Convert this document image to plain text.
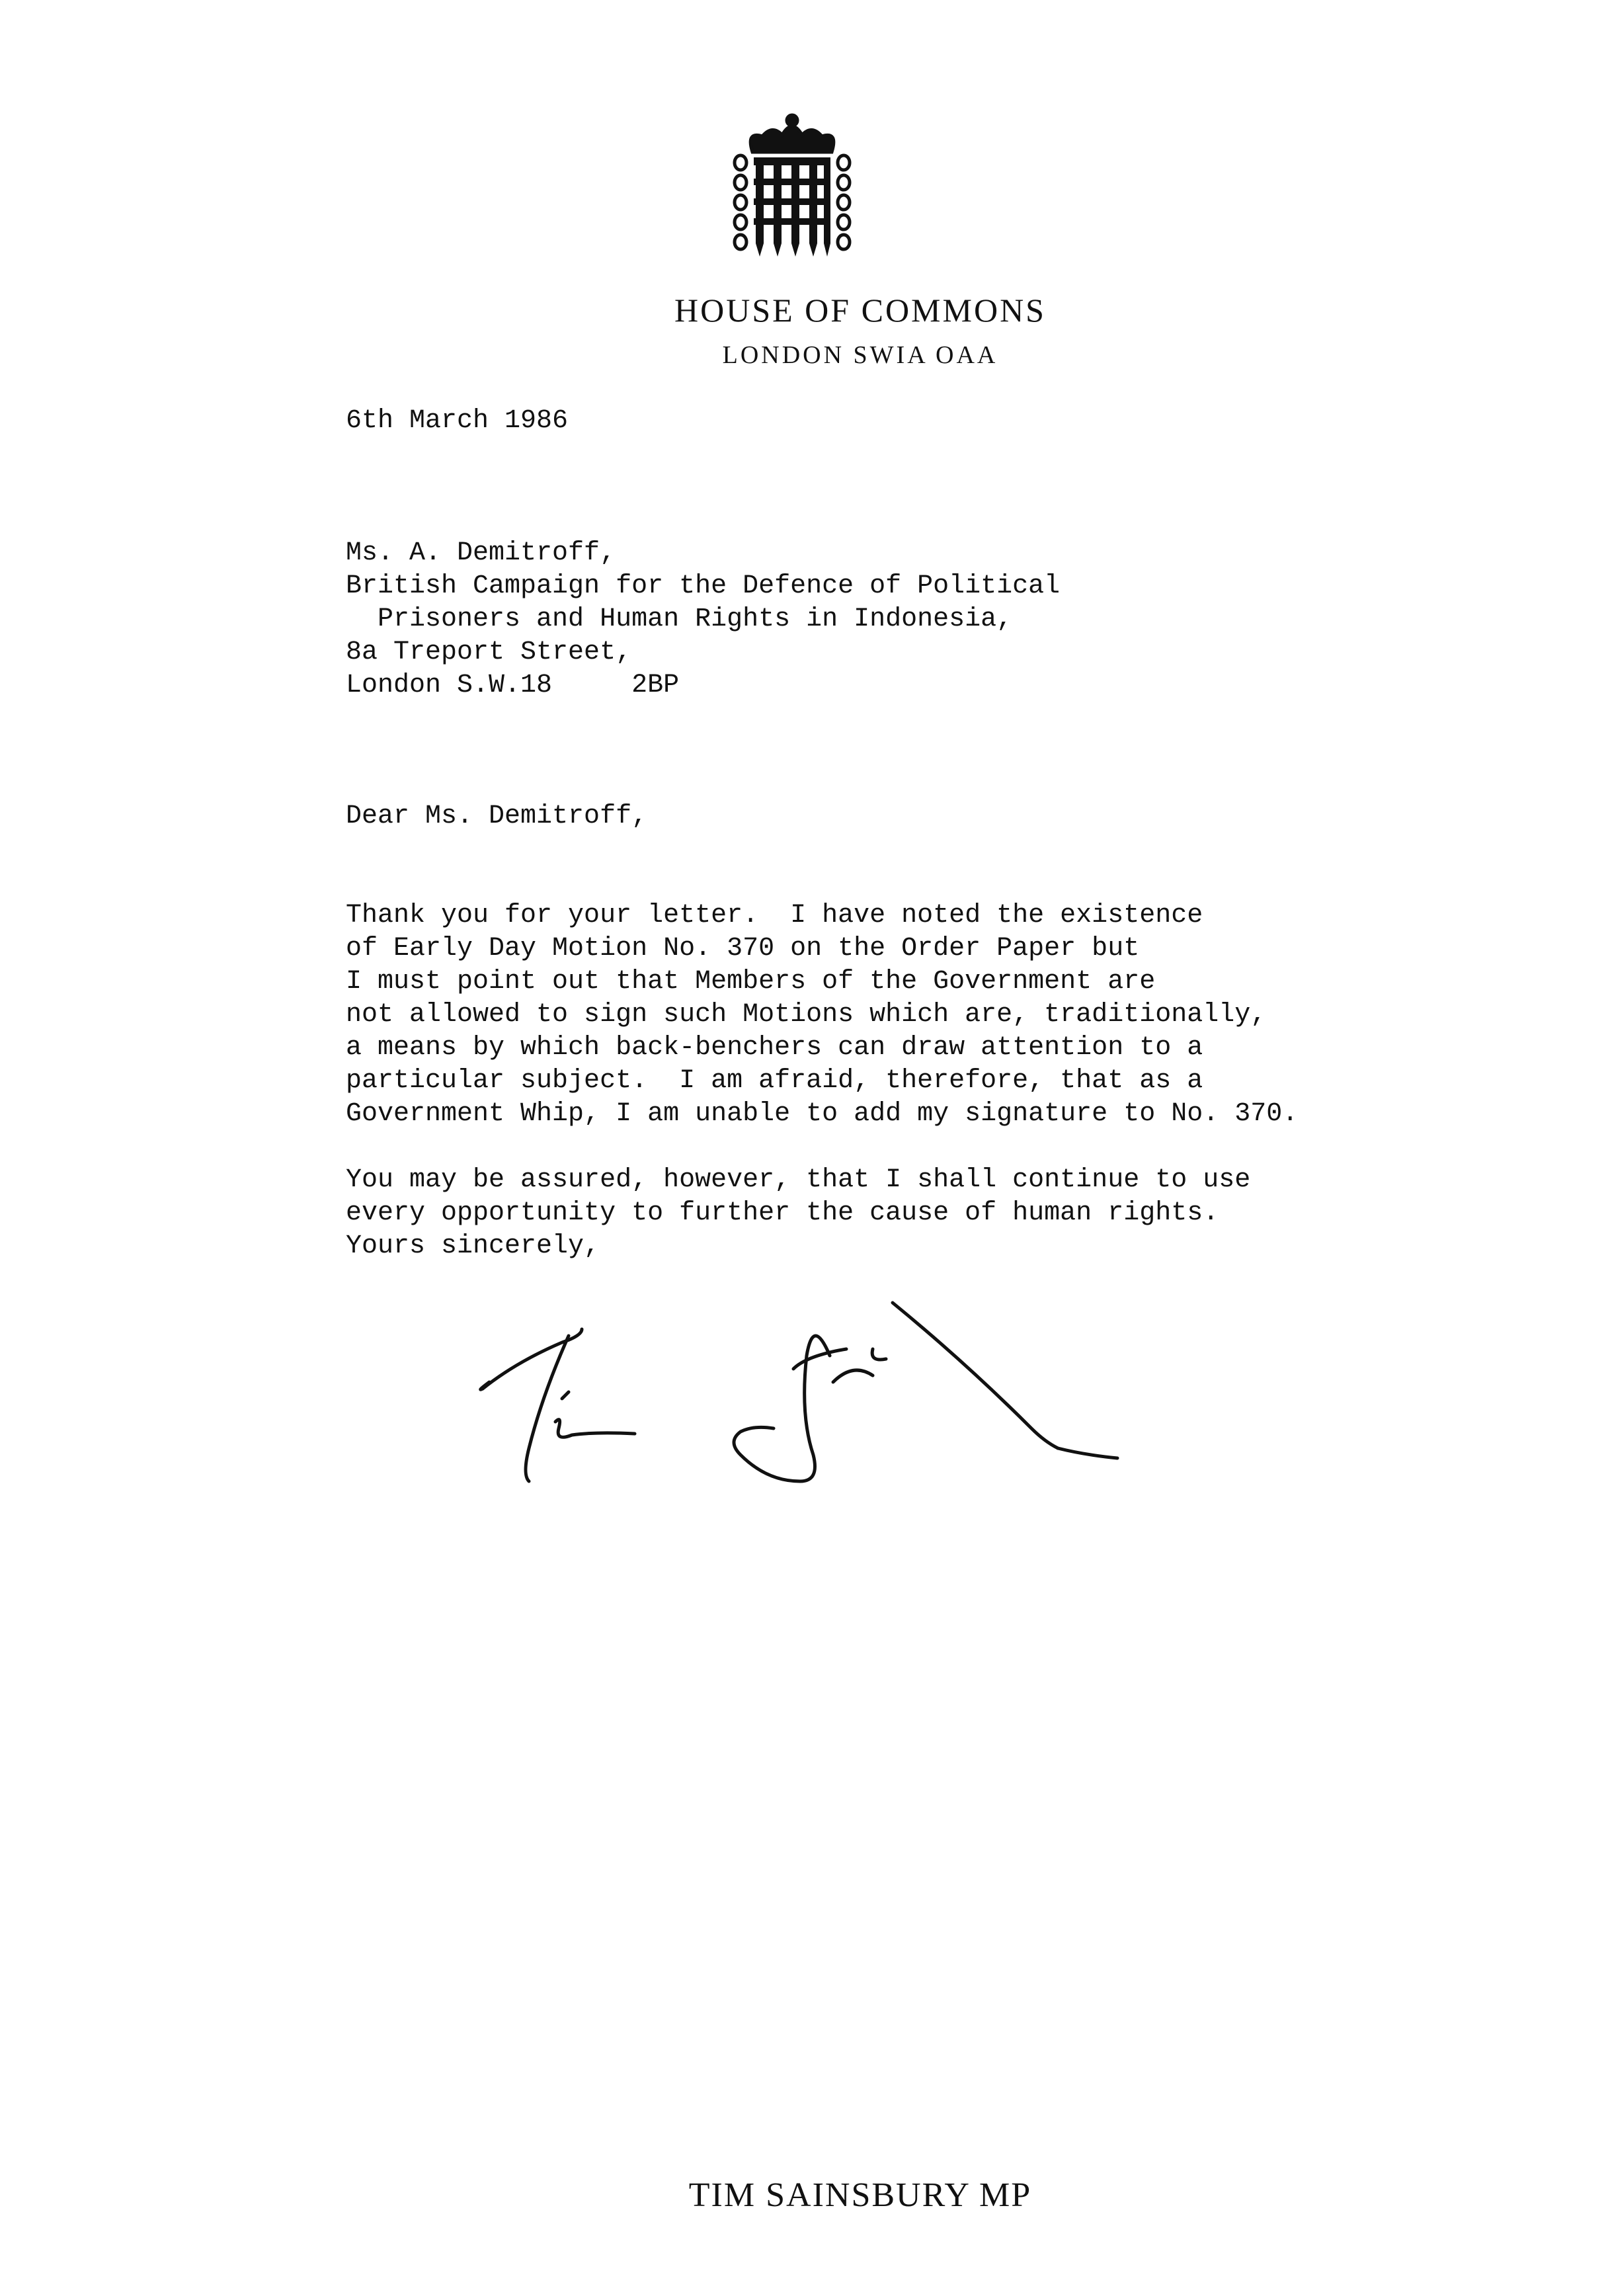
HOUSE OF COMMONS
LONDON SWIA OAA
6th March 1986

Ms. A. Demitroff,
British Campaign for the Defence of Political
Prisoners and Human Rights in Indonesia,
8a Treport Street,
London S.W.18     2BP

Dear Ms. Demitroff,

Thank you for your letter.  I have noted the existence
of Early Day Motion No. 370 on the Order Paper but
I must point out that Members of the Government are
not allowed to sign such Motions which are, traditionally,
a means by which back-benchers can draw attention to a
particular subject.  I am afraid, therefore, that as a
Government Whip, I am unable to add my signature to No. 370.

You may be assured, however, that I shall continue to use
every opportunity to further the cause of human rights.

Yours sincerely,
TIM SAINSBURY MP
